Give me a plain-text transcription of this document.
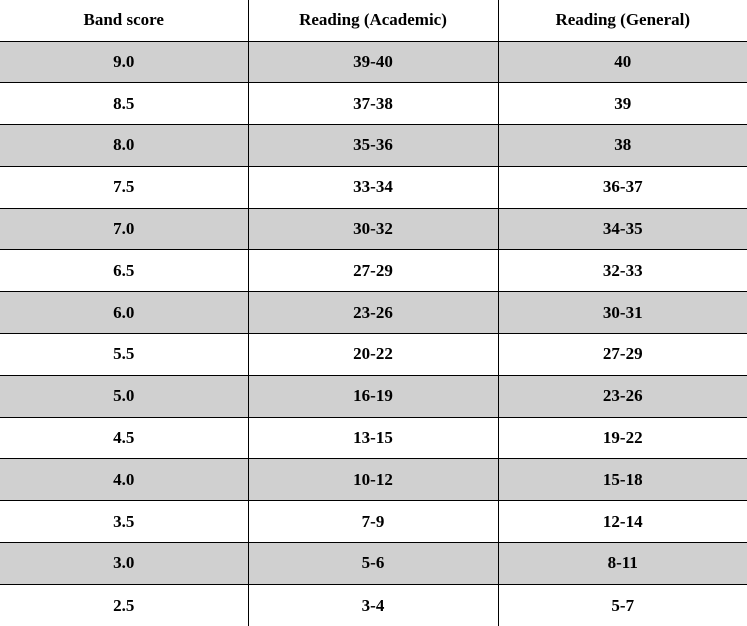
Band score	Reading (Academic)	Reading (General)
9.0	39-40	40
8.5	37-38	39
8.0	35-36	38
7.5	33-34	36-37
7.0	30-32	34-35
6.5	27-29	32-33
6.0	23-26	30-31
5.5	20-22	27-29
5.0	16-19	23-26
4.5	13-15	19-22
4.0	10-12	15-18
3.5	7-9	12-14
3.0	5-6	8-11
2.5	3-4	5-7
